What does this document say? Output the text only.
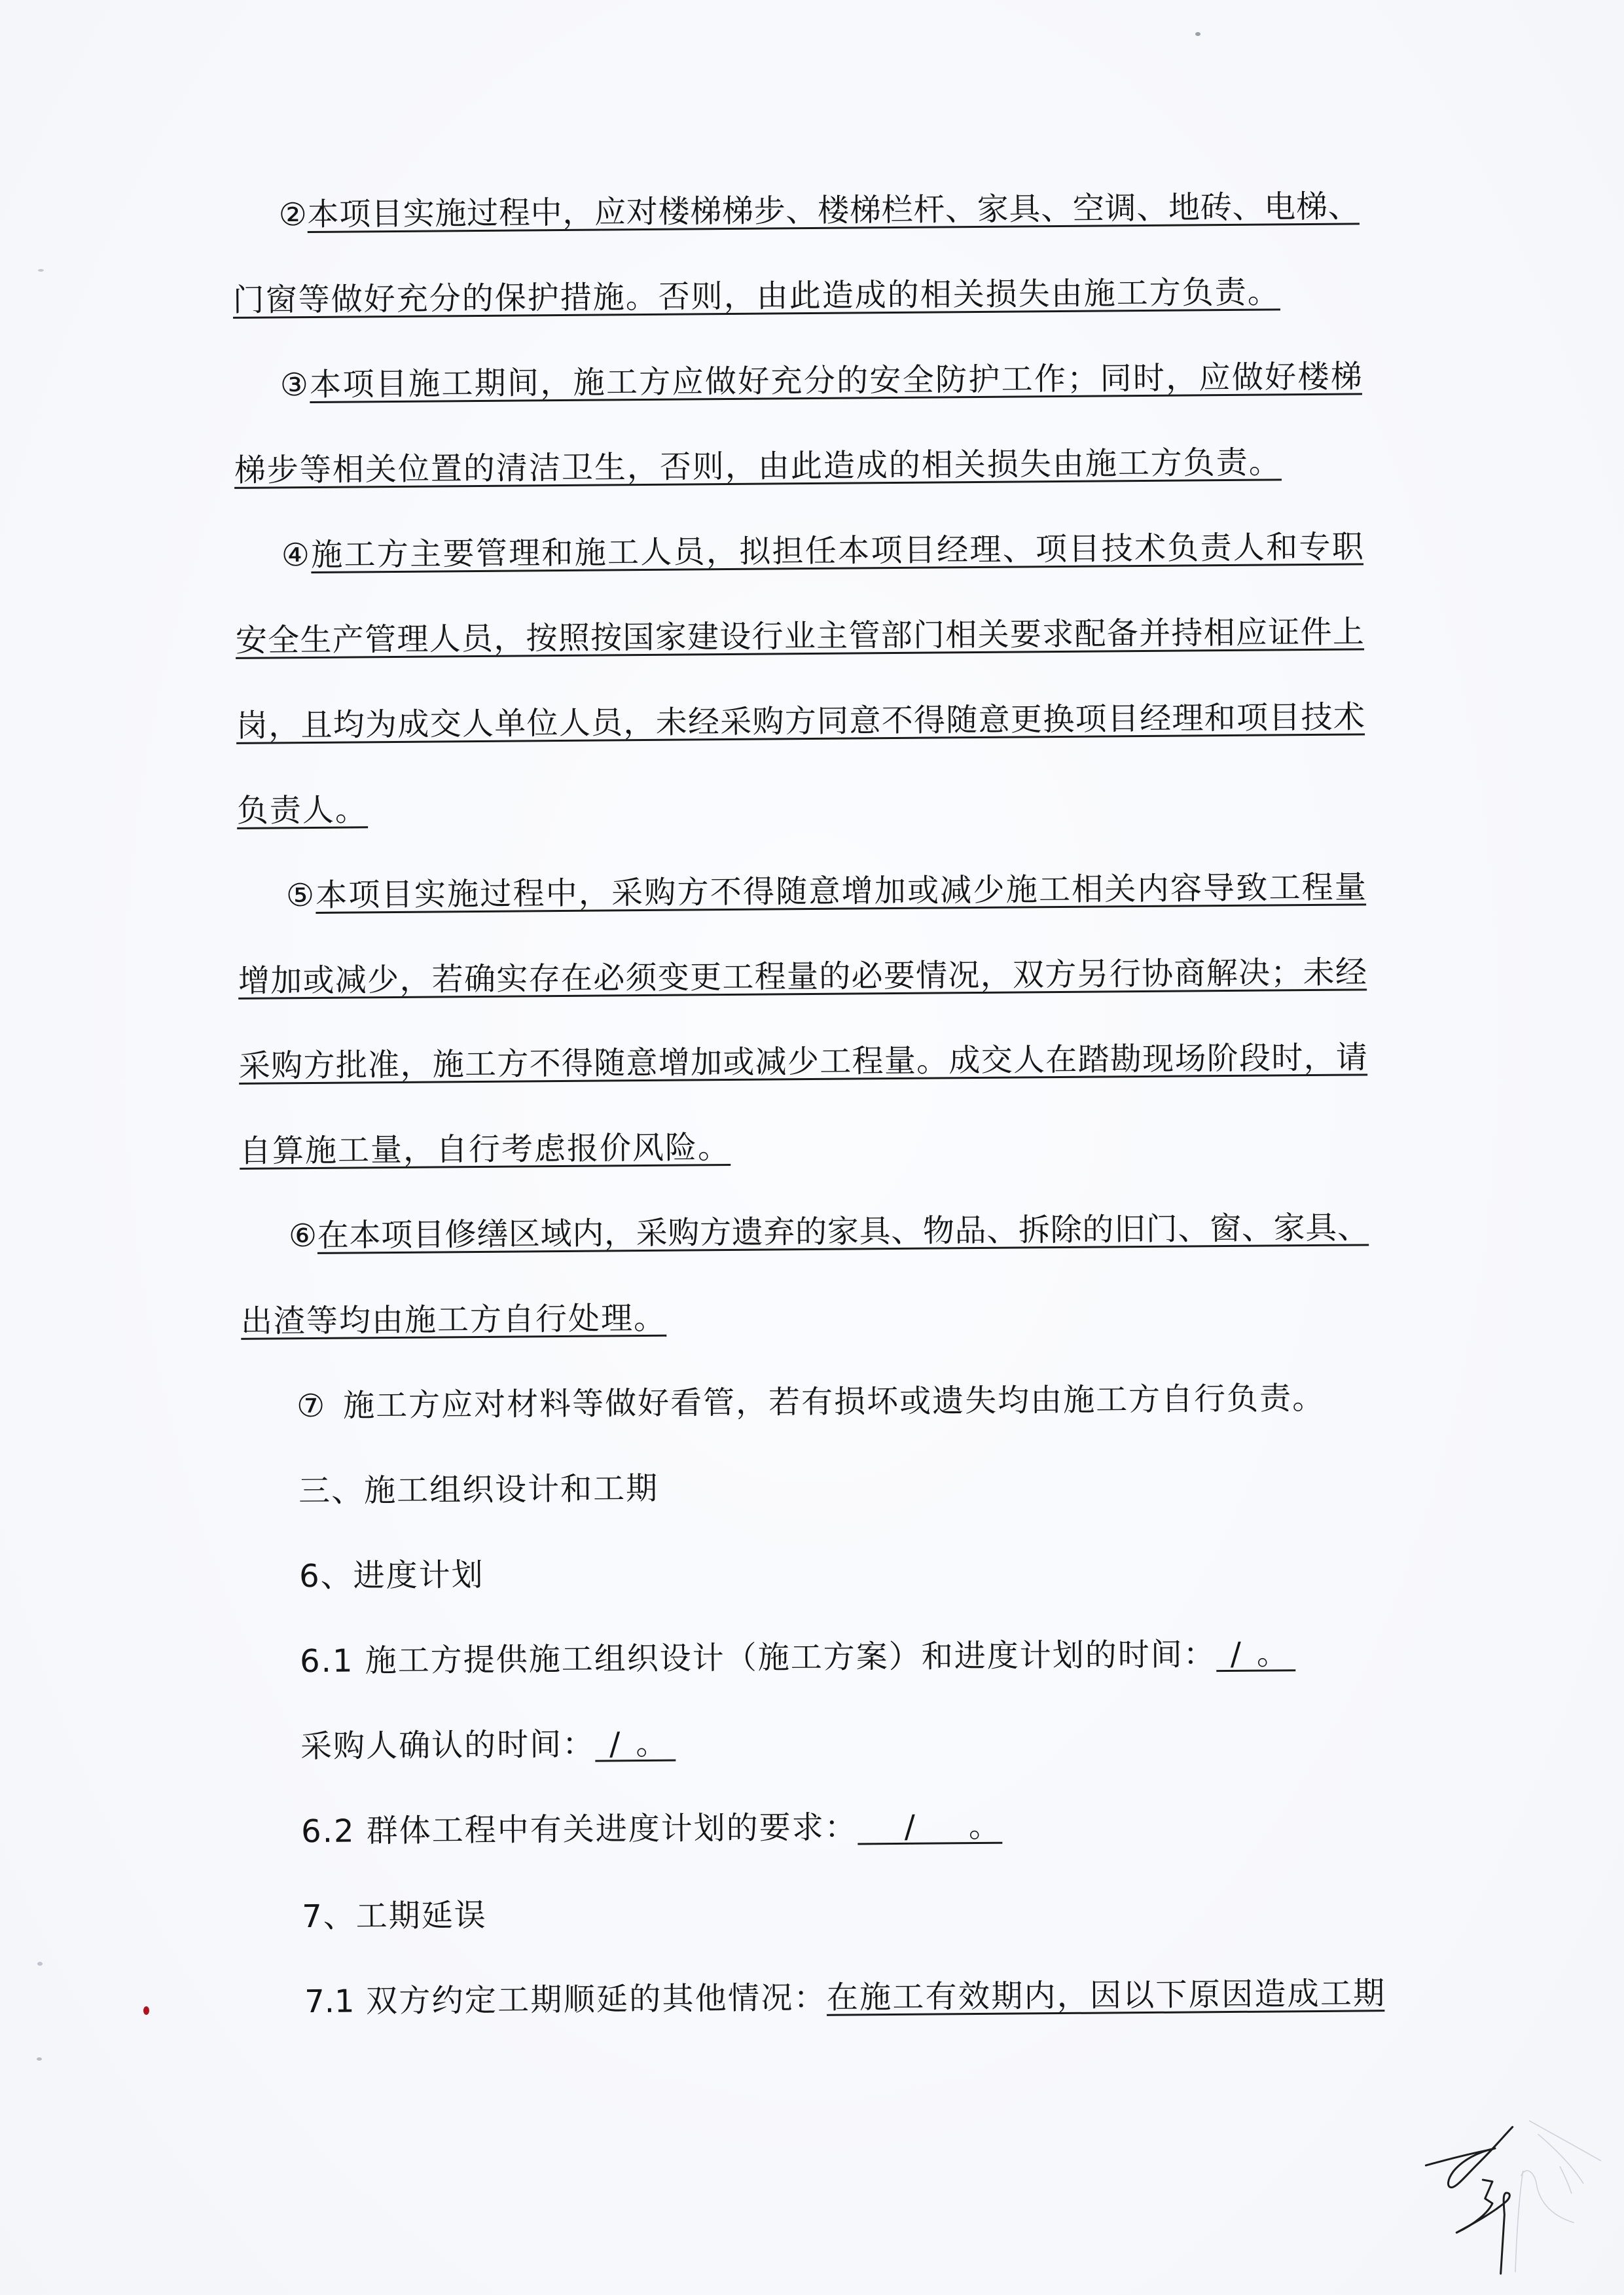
②本项目实施过程中，应对楼梯梯步、楼梯栏杆、家具、空调、地砖、电梯、
门窗等做好充分的保护措施。否则，由此造成的相关损失由施工方负责。
③本项目施工期间，施工方应做好充分的安全防护工作；同时，应做好楼梯
梯步等相关位置的清洁卫生，否则，由此造成的相关损失由施工方负责。
④施工方主要管理和施工人员，拟担任本项目经理、项目技术负责人和专职
安全生产管理人员，按照按国家建设行业主管部门相关要求配备并持相应证件上
岗，且均为成交人单位人员，未经采购方同意不得随意更换项目经理和项目技术
负责人。
⑤本项目实施过程中，采购方不得随意增加或减少施工相关内容导致工程量
增加或减少，若确实存在必须变更工程量的必要情况，双方另行协商解决；未经
采购方批准，施工方不得随意增加或减少工程量。成交人在踏勘现场阶段时，请
自算施工量，自行考虑报价风险。
⑥在本项目修缮区域内，采购方遗弃的家具、物品、拆除的旧门、窗、家具、
出渣等均由施工方自行处理。
⑦ 施工方应对材料等做好看管，若有损坏或遗失均由施工方自行负责。
三、施工组织设计和工期
6、进度计划
6.1 施工方提供施工组织设计（施工方案）和进度计划的时间： / 。
采购人确认的时间： / 。
6.2 群体工程中有关进度计划的要求： / 。
7、工期延误
7.1 双方约定工期顺延的其他情况：在施工有效期内，因以下原因造成工期
